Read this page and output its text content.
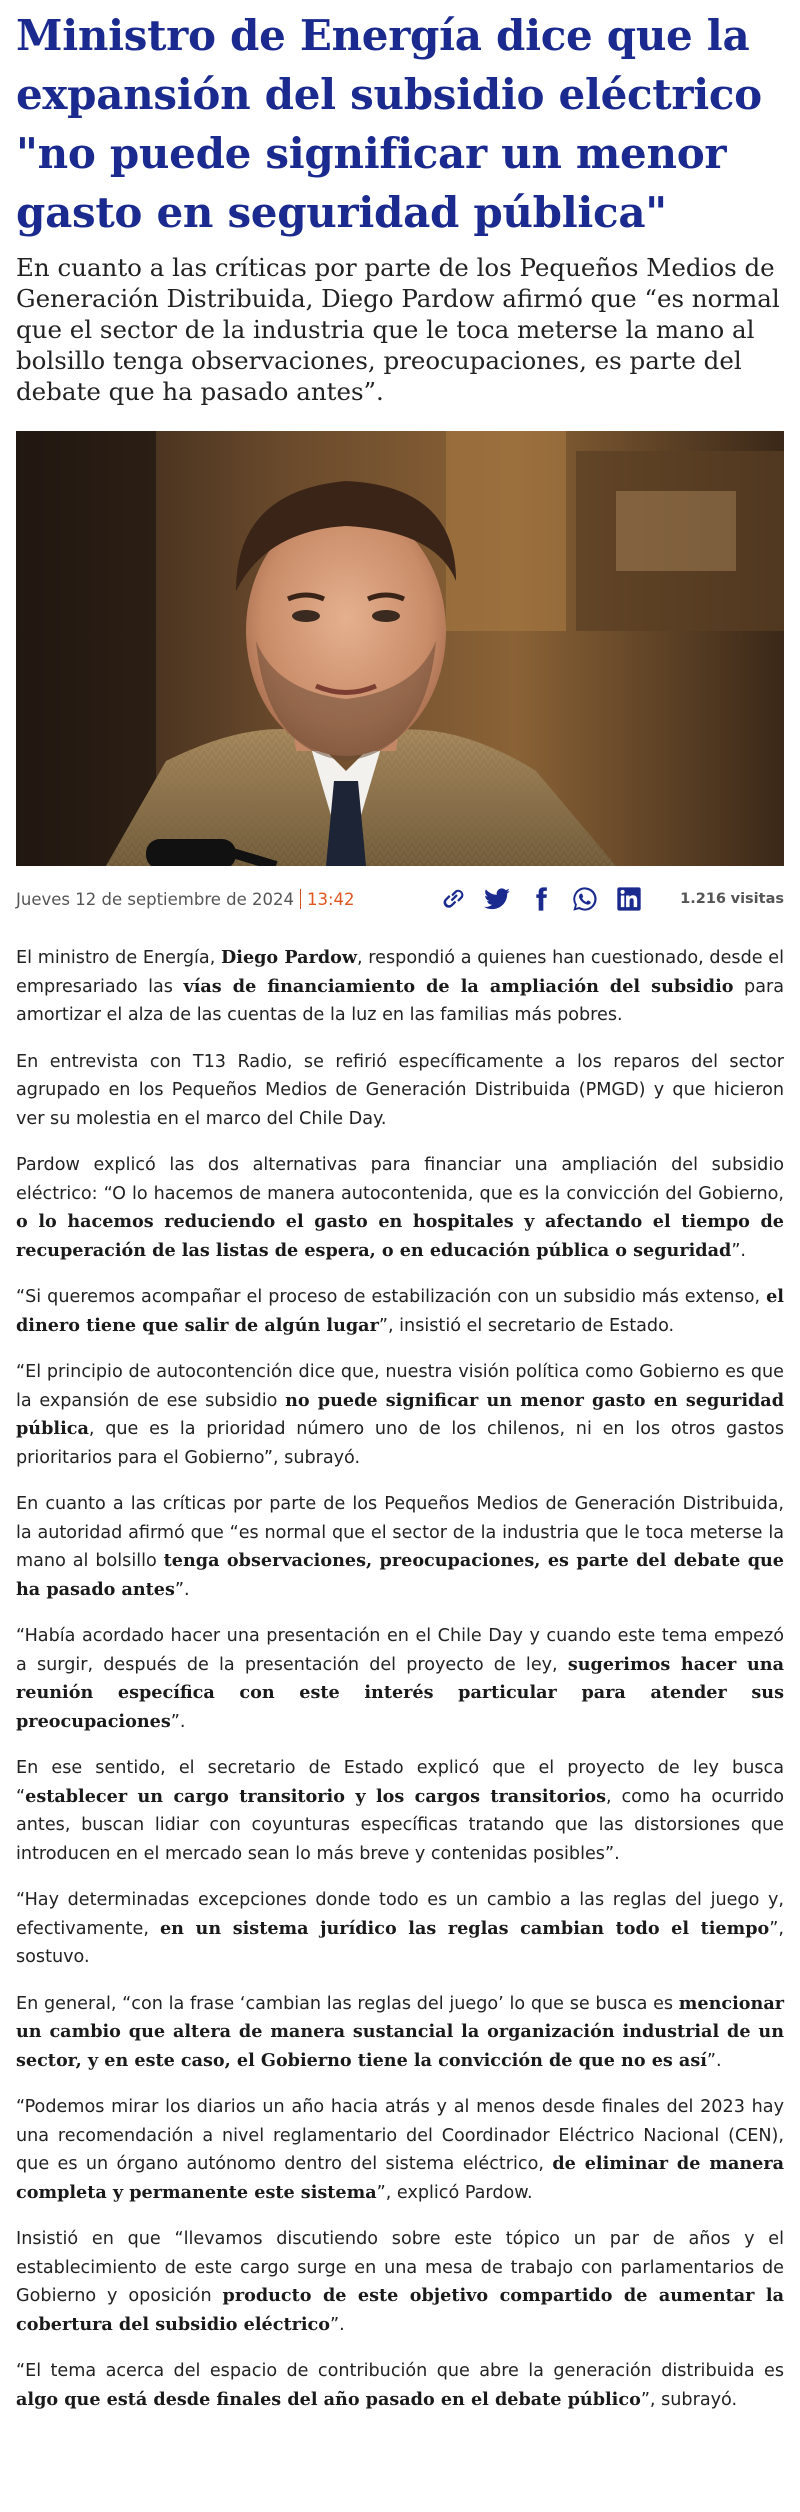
Ministro de Energía dice que la expansión del subsidio eléctrico "no puede significar un menor gasto en seguridad pública"

En cuanto a las críticas por parte de los Pequeños Medios de Generación Distribuida, Diego Pardow afirmó que “es normal que el sector de la industria que le toca meterse la mano al bolsillo tenga observaciones, preocupaciones, es parte del debate que ha pasado antes”.

Jueves 12 de septiembre de 2024 13:42	1.216 visitas

El ministro de Energía, Diego Pardow, respondió a quienes han cuestionado, desde el empresariado las vías de financiamiento de la ampliación del subsidio para amortizar el alza de las cuentas de la luz en las familias más pobres.

En entrevista con T13 Radio, se refirió específicamente a los reparos del sector agrupado en los Pequeños Medios de Generación Distribuida (PMGD) y que hicieron ver su molestia en el marco del Chile Day.

Pardow explicó las dos alternativas para financiar una ampliación del subsidio eléctrico: “O lo hacemos de manera autocontenida, que es la convicción del Gobierno, o lo hacemos reduciendo el gasto en hospitales y afectando el tiempo de recuperación de las listas de espera, o en educación pública o seguridad”.

“Si queremos acompañar el proceso de estabilización con un subsidio más extenso, el dinero tiene que salir de algún lugar”, insistió el secretario de Estado.

“El principio de autocontención dice que, nuestra visión política como Gobierno es que la expansión de ese subsidio no puede significar un menor gasto en seguridad pública, que es la prioridad número uno de los chilenos, ni en los otros gastos prioritarios para el Gobierno”, subrayó.

En cuanto a las críticas por parte de los Pequeños Medios de Generación Distribuida, la autoridad afirmó que “es normal que el sector de la industria que le toca meterse la mano al bolsillo tenga observaciones, preocupaciones, es parte del debate que ha pasado antes”.

“Había acordado hacer una presentación en el Chile Day y cuando este tema empezó a surgir, después de la presentación del proyecto de ley, sugerimos hacer una reunión específica con este interés particular para atender sus preocupaciones”.

En ese sentido, el secretario de Estado explicó que el proyecto de ley busca “establecer un cargo transitorio y los cargos transitorios, como ha ocurrido antes, buscan lidiar con coyunturas específicas tratando que las distorsiones que introducen en el mercado sean lo más breve y contenidas posibles”.

“Hay determinadas excepciones donde todo es un cambio a las reglas del juego y, efectivamente, en un sistema jurídico las reglas cambian todo el tiempo”, sostuvo.

En general, “con la frase ‘cambian las reglas del juego’ lo que se busca es mencionar un cambio que altera de manera sustancial la organización industrial de un sector, y en este caso, el Gobierno tiene la convicción de que no es así”.

“Podemos mirar los diarios un año hacia atrás y al menos desde finales del 2023 hay una recomendación a nivel reglamentario del Coordinador Eléctrico Nacional (CEN), que es un órgano autónomo dentro del sistema eléctrico, de eliminar de manera completa y permanente este sistema”, explicó Pardow.

Insistió en que “llevamos discutiendo sobre este tópico un par de años y el establecimiento de este cargo surge en una mesa de trabajo con parlamentarios de Gobierno y oposición producto de este objetivo compartido de aumentar la cobertura del subsidio eléctrico”.

“El tema acerca del espacio de contribución que abre la generación distribuida es algo que está desde finales del año pasado en el debate público”, subrayó.
